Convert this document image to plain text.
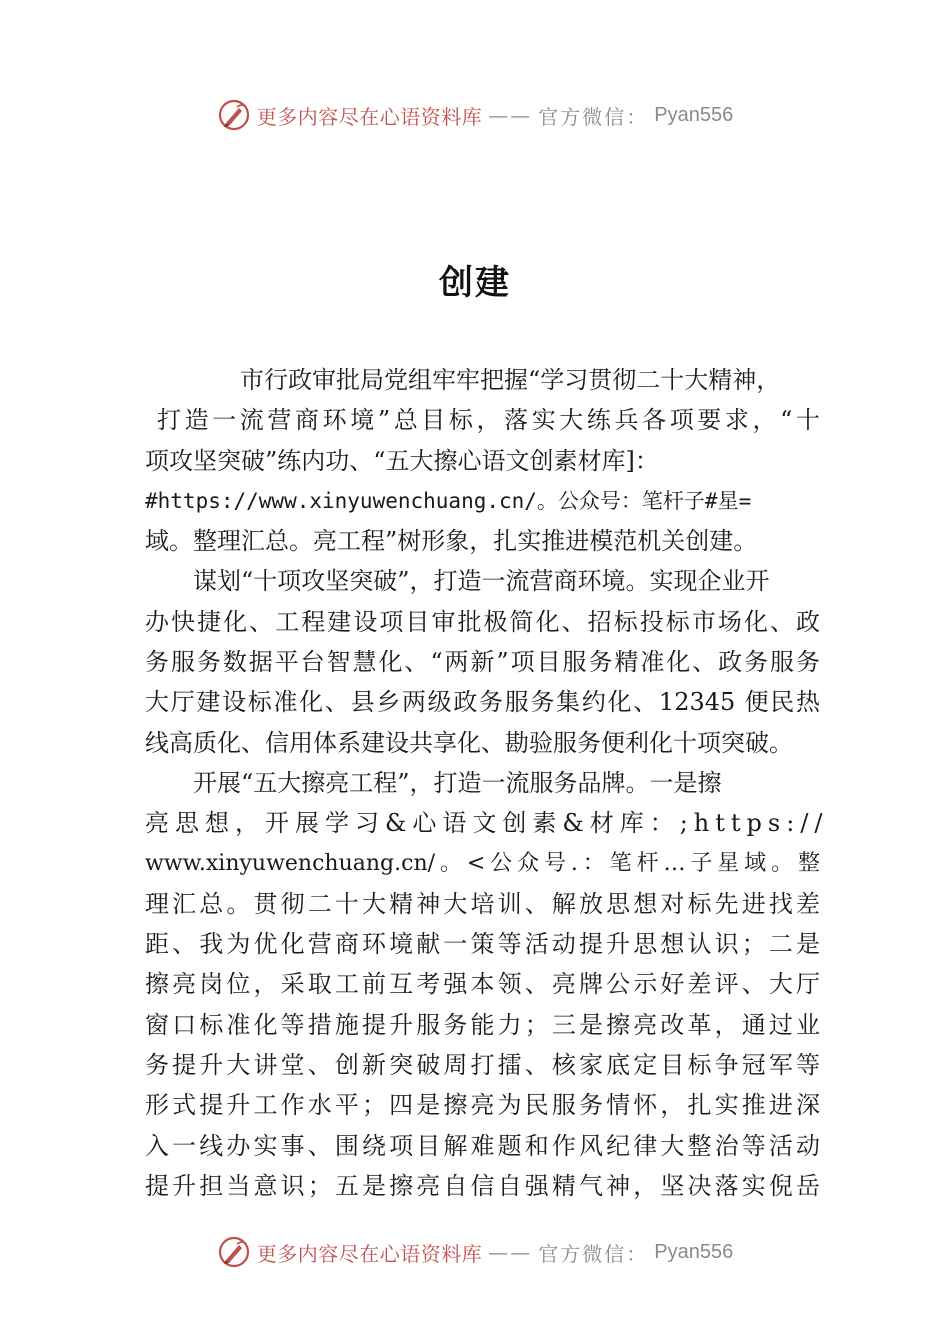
更多内容尽在心语资料库 —— 官方微信： Pyan556
创建
市行政审批局党组牢牢把握“学习贯彻二十大精神，
打造一流营商环境”总目标，落实大练兵各项要求，“十
项攻坚突破”练内功、“五大擦心语文创素材库]：
#https://www.xinyuwenchuang.cn/。公众号：笔杆子#星=
域。整理汇总。亮工程”树形象，扎实推进模范机关创建。
谋划“十项攻坚突破”，打造一流营商环境。实现企业开
办快捷化、工程建设项目审批极简化、招标投标市场化、政
务服务数据平台智慧化、“两新”项目服务精准化、政务服务
大厅建设标准化、县乡两级政务服务集约化、12345 便民热
线高质化、信用体系建设共享化、勘验服务便利化十项突破。
开展“五大擦亮工程”，打造一流服务品牌。一是擦
亮思想，开展学习&心语文创素&材库：;https://
www.xinyuwenchuang.cn/。<公众号.：笔杆…子星域。整
理汇总。贯彻二十大精神大培训、解放思想对标先进找差
距、我为优化营商环境献一策等活动提升思想认识；二是
擦亮岗位，采取工前互考强本领、亮牌公示好差评、大厅
窗口标准化等措施提升服务能力；三是擦亮改革，通过业
务提升大讲堂、创新突破周打擂、核家底定目标争冠军等
形式提升工作水平；四是擦亮为民服务情怀，扎实推进深
入一线办实事、围绕项目解难题和作风纪律大整治等活动
提升担当意识；五是擦亮自信自强精气神，坚决落实倪岳
更多内容尽在心语资料库 —— 官方微信： Pyan556
